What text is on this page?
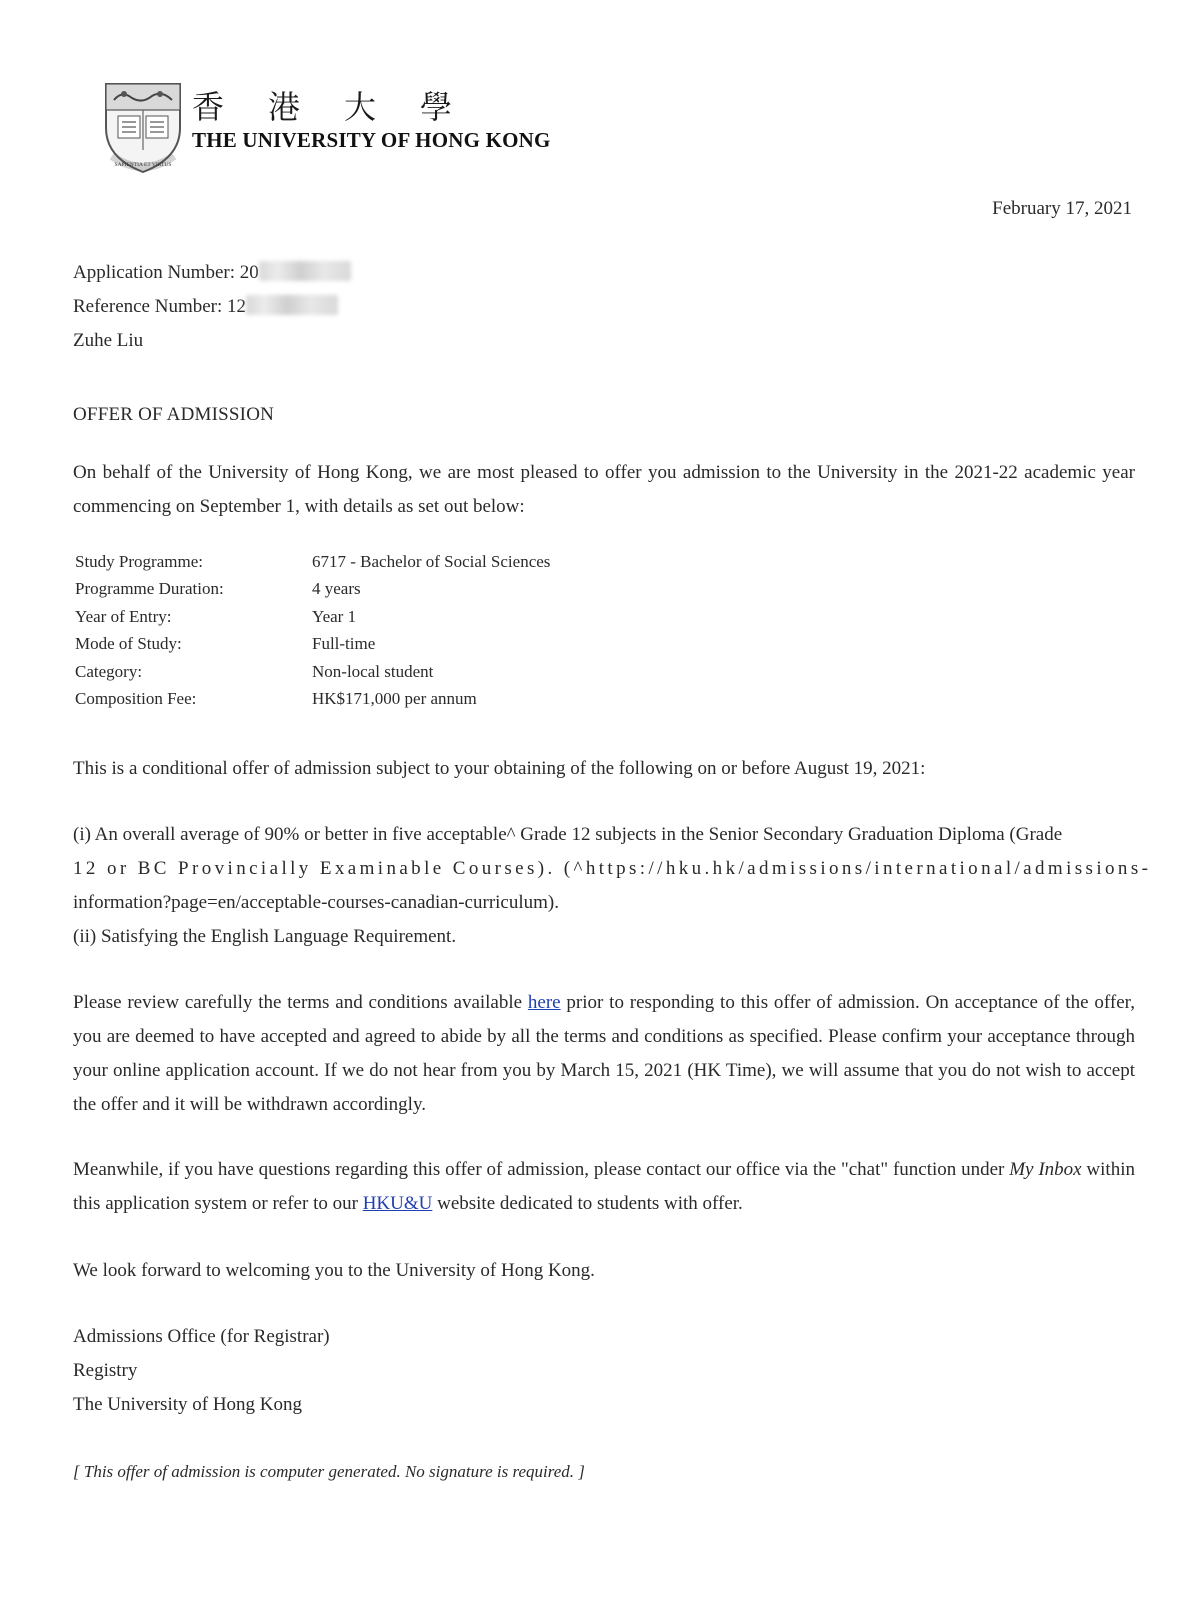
SAPIENTIA ET VIRTUS
香 港 大 學
THE UNIVERSITY OF HONG KONG
February 17, 2021
Application Number: 20
Reference Number: 12
Zuhe Liu
OFFER OF ADMISSION
On behalf of the University of Hong Kong, we are most pleased to offer you admission to the University in the 2021-22 academic year commencing on September 1, with details as set out below:
Study Programme:	6717 - Bachelor of Social Sciences
Programme Duration:	4 years
Year of Entry:	Year 1
Mode of Study:	Full-time
Category:	Non-local student
Composition Fee:	HK$171,000 per annum
This is a conditional offer of admission subject to your obtaining of the following on or before August 19, 2021:
(i) An overall average of 90% or better in five acceptable^ Grade 12 subjects in the Senior Secondary Graduation Diploma (Grade
12 or BC Provincially Examinable Courses). (^https://hku.hk/admissions/international/admissions-
information?page=en/acceptable-courses-canadian-curriculum).
(ii) Satisfying the English Language Requirement.
Please review carefully the terms and conditions available here prior to responding to this offer of admission. On acceptance of the offer, you are deemed to have accepted and agreed to abide by all the terms and conditions as specified. Please confirm your acceptance through your online application account. If we do not hear from you by March 15, 2021 (HK Time), we will assume that you do not wish to accept the offer and it will be withdrawn accordingly.
Meanwhile, if you have questions regarding this offer of admission, please contact our office via the "chat" function under My Inbox within this application system or refer to our HKU&U website dedicated to students with offer.
We look forward to welcoming you to the University of Hong Kong.
Admissions Office (for Registrar)
Registry
The University of Hong Kong
[ This offer of admission is computer generated. No signature is required. ]
